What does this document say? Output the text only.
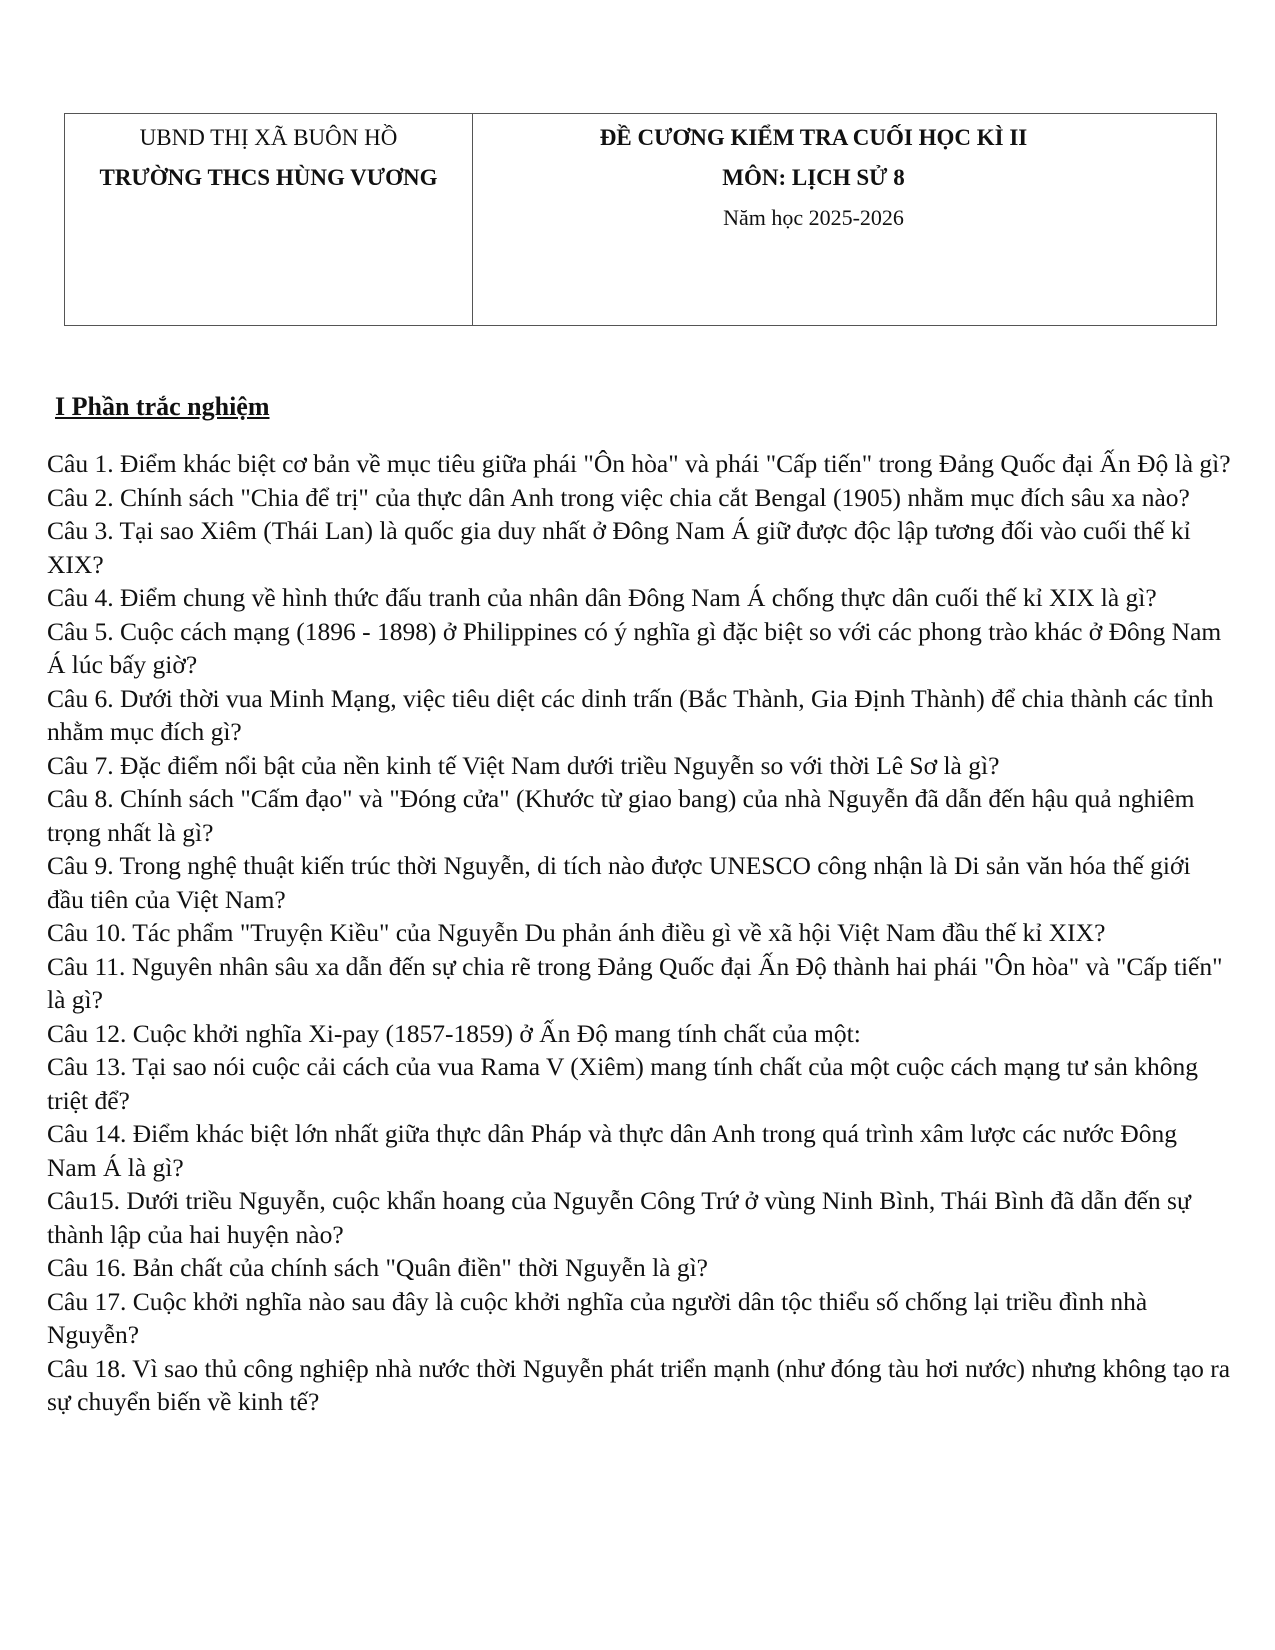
UBND THỊ XÃ BUÔN HỒ
TRƯỜNG THCS HÙNG VƯƠNG
ĐỀ CƯƠNG KIỂM TRA CUỐI HỌC KÌ II
MÔN: LỊCH SỬ 8
Năm học 2025-2026
I Phần trắc nghiệm

Câu 1. Điểm khác biệt cơ bản về mục tiêu giữa phái "Ôn hòa" và phái "Cấp tiến" trong Đảng Quốc đại Ấn Độ là gì?

Câu 2. Chính sách "Chia để trị" của thực dân Anh trong việc chia cắt Bengal (1905) nhằm mục đích sâu xa nào?

Câu 3. Tại sao Xiêm (Thái Lan) là quốc gia duy nhất ở Đông Nam Á giữ được độc lập tương đối vào cuối thế kỉ XIX?

Câu 4. Điểm chung về hình thức đấu tranh của nhân dân Đông Nam Á chống thực dân cuối thế kỉ XIX là gì?

Câu 5. Cuộc cách mạng (1896 - 1898) ở Philippines có ý nghĩa gì đặc biệt so với các phong trào khác ở Đông Nam Á lúc bấy giờ?

Câu 6. Dưới thời vua Minh Mạng, việc tiêu diệt các dinh trấn (Bắc Thành, Gia Định Thành) để chia thành các tỉnh nhằm mục đích gì?

Câu 7. Đặc điểm nổi bật của nền kinh tế Việt Nam dưới triều Nguyễn so với thời Lê Sơ là gì?

Câu 8. Chính sách "Cấm đạo" và "Đóng cửa" (Khước từ giao bang) của nhà Nguyễn đã dẫn đến hậu quả nghiêm trọng nhất là gì?

Câu 9. Trong nghệ thuật kiến trúc thời Nguyễn, di tích nào được UNESCO công nhận là Di sản văn hóa thế giới đầu tiên của Việt Nam?

Câu 10. Tác phẩm "Truyện Kiều" của Nguyễn Du phản ánh điều gì về xã hội Việt Nam đầu thế kỉ XIX?

Câu 11. Nguyên nhân sâu xa dẫn đến sự chia rẽ trong Đảng Quốc đại Ấn Độ thành hai phái "Ôn hòa" và "Cấp tiến" là gì?

Câu 12. Cuộc khởi nghĩa Xi-pay (1857-1859) ở Ấn Độ mang tính chất của một:

Câu 13. Tại sao nói cuộc cải cách của vua Rama V (Xiêm) mang tính chất của một cuộc cách mạng tư sản không triệt để?

Câu 14. Điểm khác biệt lớn nhất giữa thực dân Pháp và thực dân Anh trong quá trình xâm lược các nước Đông Nam Á là gì?

Câu15. Dưới triều Nguyễn, cuộc khẩn hoang của Nguyễn Công Trứ ở vùng Ninh Bình, Thái Bình đã dẫn đến sự thành lập của hai huyện nào?

Câu 16. Bản chất của chính sách "Quân điền" thời Nguyễn là gì?

Câu 17. Cuộc khởi nghĩa nào sau đây là cuộc khởi nghĩa của người dân tộc thiểu số chống lại triều đình nhà Nguyễn?

Câu 18. Vì sao thủ công nghiệp nhà nước thời Nguyễn phát triển mạnh (như đóng tàu hơi nước) nhưng không tạo ra sự chuyển biến về kinh tế?
